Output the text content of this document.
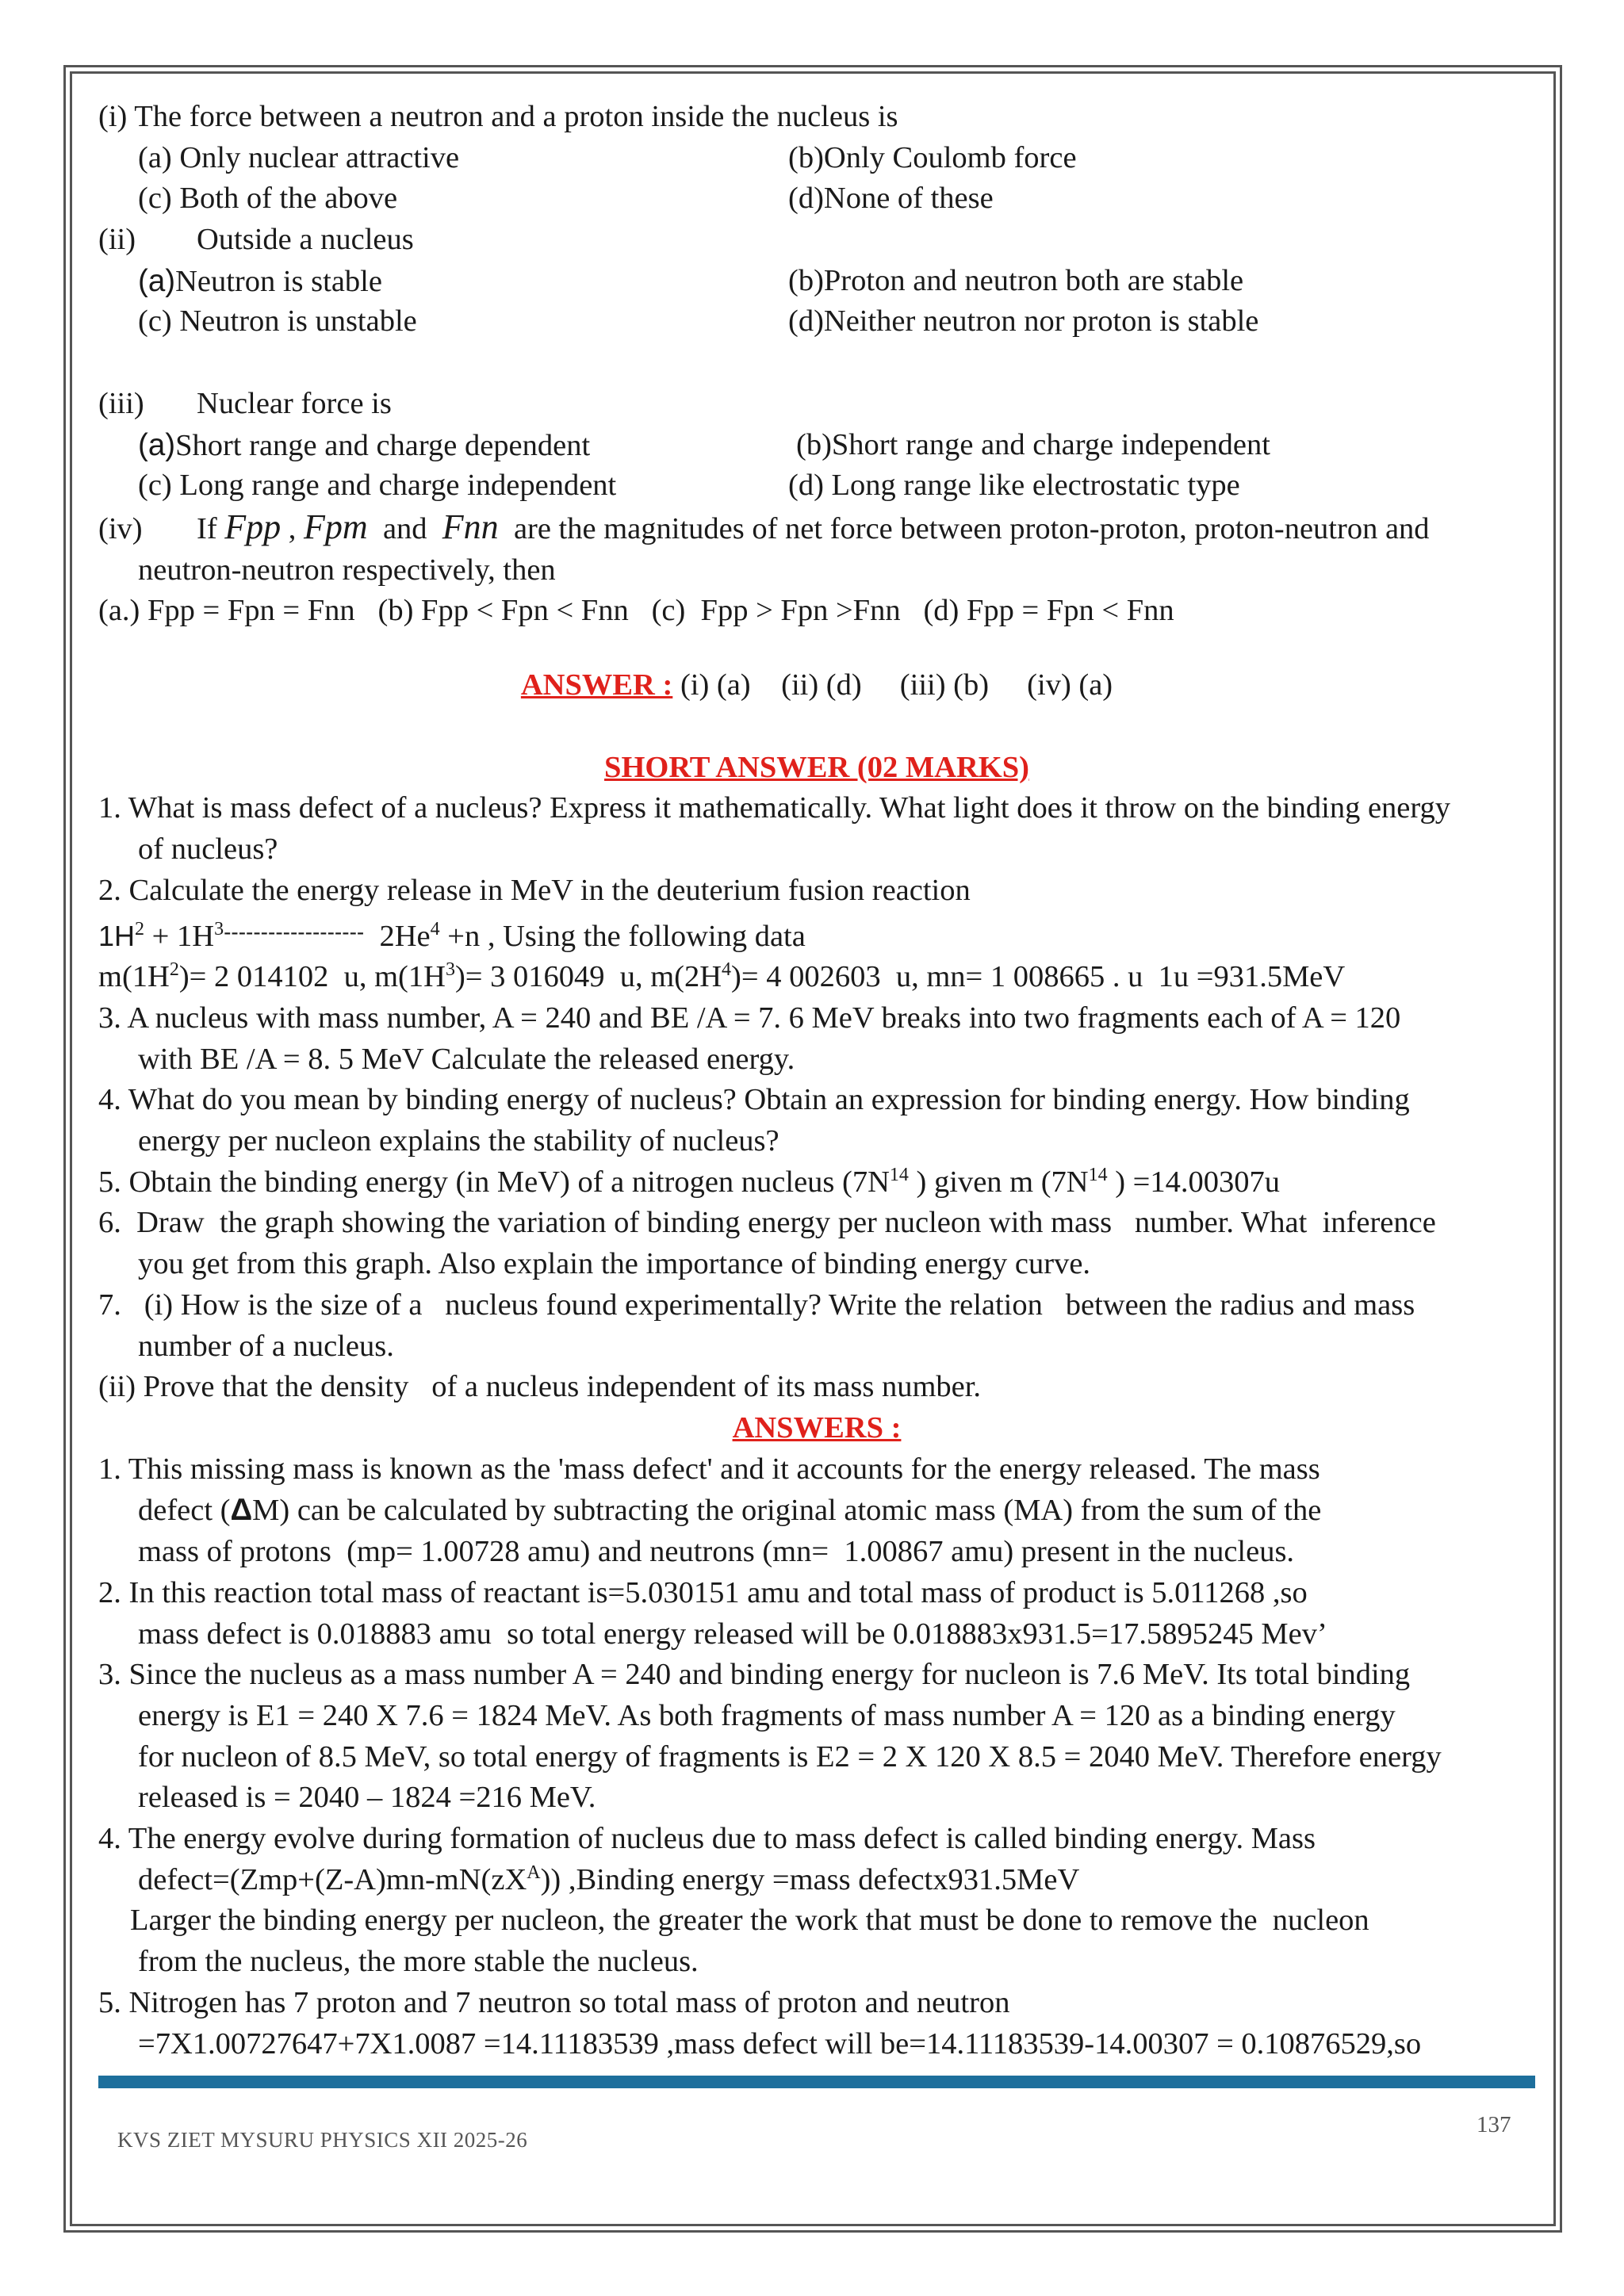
(i) The force between a neutron and a proton inside the nucleus is
(a) Only nuclear attractive	(b)Only Coulomb force
(c) Both of the above	(d)None of these
(ii) Outside a nucleus
(a)Neutron is stable	(b)Proton and neutron both are stable
(c) Neutron is unstable	(d)Neither neutron nor proton is stable
(iii) Nuclear force is
(a)Short range and charge dependent	(b)Short range and charge independent
(c) Long range and charge independent	(d) Long range like electrostatic type
(iv) If Fpp , Fpm and Fnn are the magnitudes of net force between proton-proton, proton-neutron and
neutron-neutron respectively, then
(a.) Fpp = Fpn = Fnn   (b) Fpp < Fpn < Fnn   (c)  Fpp > Fpn >Fnn   (d) Fpp = Fpn < Fnn
ANSWER : (i) (a)    (ii) (d)     (iii) (b)     (iv) (a)
SHORT ANSWER (02 MARKS)
1. What is mass defect of a nucleus? Express it mathematically. What light does it throw on the binding energy
of nucleus?
2. Calculate the energy release in MeV in the deuterium fusion reaction
$1H^2 + 1H^{3-------------------}$  $2He^4 +n$ , Using the following data
$m(1H^2)= 2$ 014102  u, $m(1H^3)= 3$ 016049  u, $m(2H^4)= 4$ 002603  u, mn= 1 008665 . u  1u =931.5MeV
3. A nucleus with mass number, A = 240 and BE /A = 7. 6 MeV breaks into two fragments each of A = 120
with BE /A = 8. 5 MeV Calculate the released energy.
4. What do you mean by binding energy of nucleus? Obtain an expression for binding energy. How binding
energy per nucleon explains the stability of nucleus?
5. Obtain the binding energy (in MeV) of a nitrogen nucleus ($7N^{14}$ ) given m ($7N^{14}$ ) =14.00307u
6.  Draw  the graph showing the variation of binding energy per nucleon with mass   number. What  inference
you get from this graph. Also explain the importance of binding energy curve.
7.   (i) How is the size of a   nucleus found experimentally? Write the relation   between the radius and mass
number of a nucleus.
(ii) Prove that the density   of a nucleus independent of its mass number.
ANSWERS :
1. This missing mass is known as the 'mass defect' and it accounts for the energy released. The mass
defect (ΔM) can be calculated by subtracting the original atomic mass (MA) from the sum of the
mass of protons  (mp= 1.00728 amu) and neutrons (mn=  1.00867 amu) present in the nucleus.
2. In this reaction total mass of reactant is=5.030151 amu and total mass of product is 5.011268 ,so
mass defect is 0.018883 amu  so total energy released will be 0.018883x931.5=17.5895245 Mev’
3. Since the nucleus as a mass number A = 240 and binding energy for nucleon is 7.6 MeV. Its total binding
energy is E1 = 240 X 7.6 = 1824 MeV. As both fragments of mass number A = 120 as a binding energy
for nucleon of 8.5 MeV, so total energy of fragments is E2 = 2 X 120 X 8.5 = 2040 MeV. Therefore energy
released is = 2040 – 1824 =216 MeV.
4. The energy evolve during formation of nucleus due to mass defect is called binding energy. Mass
$defect=(Zmp+(Z-A)mn-mN(zX^A))$ ,Binding energy =mass defectx931.5MeV
Larger the binding energy per nucleon, the greater the work that must be done to remove the  nucleon
from the nucleus, the more stable the nucleus.
5. Nitrogen has 7 proton and 7 neutron so total mass of proton and neutron
=7X1.00727647+7X1.0087 =14.11183539 ,mass defect will be=14.11183539-14.00307 = 0.10876529,so
KVS ZIET MYSURU PHYSICS XII 2025-26
137
